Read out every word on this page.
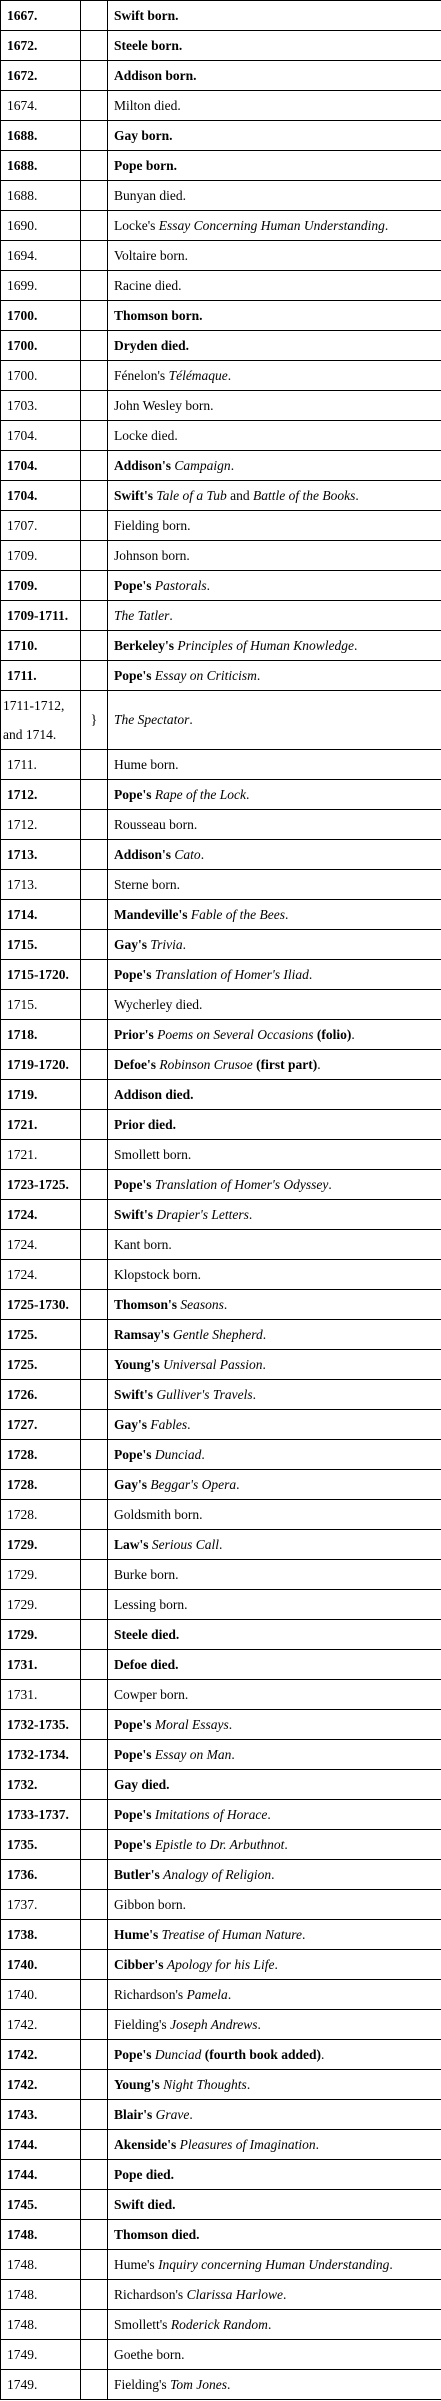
1667.		Swift born.
1672.		Steele born.
1672.		Addison born.
1674.		Milton died.
1688.		Gay born.
1688.		Pope born.
1688.		Bunyan died.
1690.		Locke's Essay Concerning Human Understanding.
1694.		Voltaire born.
1699.		Racine died.
1700.		Thomson born.
1700.		Dryden died.
1700.		Fénelon's Télémaque.
1703.		John Wesley born.
1704.		Locke died.
1704.		Addison's Campaign.
1704.		Swift's Tale of a Tub and Battle of the Books.
1707.		Fielding born.
1709.		Johnson born.
1709.		Pope's Pastorals.
1709-1711.		The Tatler.
1710.		Berkeley's Principles of Human Knowledge.
1711.		Pope's Essay on Criticism.

1711-1712,
and 1714.	}	The Spectator.
1711.		Hume born.
1712.		Pope's Rape of the Lock.
1712.		Rousseau born.
1713.		Addison's Cato.
1713.		Sterne born.
1714.		Mandeville's Fable of the Bees.
1715.		Gay's Trivia.
1715-1720.		Pope's Translation of Homer's Iliad.
1715.		Wycherley died.
1718.		Prior's Poems on Several Occasions (folio).
1719-1720.		Defoe's Robinson Crusoe (first part).
1719.		Addison died.
1721.		Prior died.
1721.		Smollett born.
1723-1725.		Pope's Translation of Homer's Odyssey.
1724.		Swift's Drapier's Letters.
1724.		Kant born.
1724.		Klopstock born.
1725-1730.		Thomson's Seasons.
1725.		Ramsay's Gentle Shepherd.
1725.		Young's Universal Passion.
1726.		Swift's Gulliver's Travels.
1727.		Gay's Fables.
1728.		Pope's Dunciad.
1728.		Gay's Beggar's Opera.
1728.		Goldsmith born.
1729.		Law's Serious Call.
1729.		Burke born.
1729.		Lessing born.
1729.		Steele died.
1731.		Defoe died.
1731.		Cowper born.
1732-1735.		Pope's Moral Essays.
1732-1734.		Pope's Essay on Man.
1732.		Gay died.
1733-1737.		Pope's Imitations of Horace.
1735.		Pope's Epistle to Dr. Arbuthnot.
1736.		Butler's Analogy of Religion.
1737.		Gibbon born.
1738.		Hume's Treatise of Human Nature.
1740.		Cibber's Apology for his Life.
1740.		Richardson's Pamela.
1742.		Fielding's Joseph Andrews.
1742.		Pope's Dunciad (fourth book added).
1742.		Young's Night Thoughts.
1743.		Blair's Grave.
1744.		Akenside's Pleasures of Imagination.
1744.		Pope died.
1745.		Swift died.
1748.		Thomson died.
1748.		Hume's Inquiry concerning Human Understanding.
1748.		Richardson's Clarissa Harlowe.
1748.		Smollett's Roderick Random.
1749.		Goethe born.
1749.		Fielding's Tom Jones.
